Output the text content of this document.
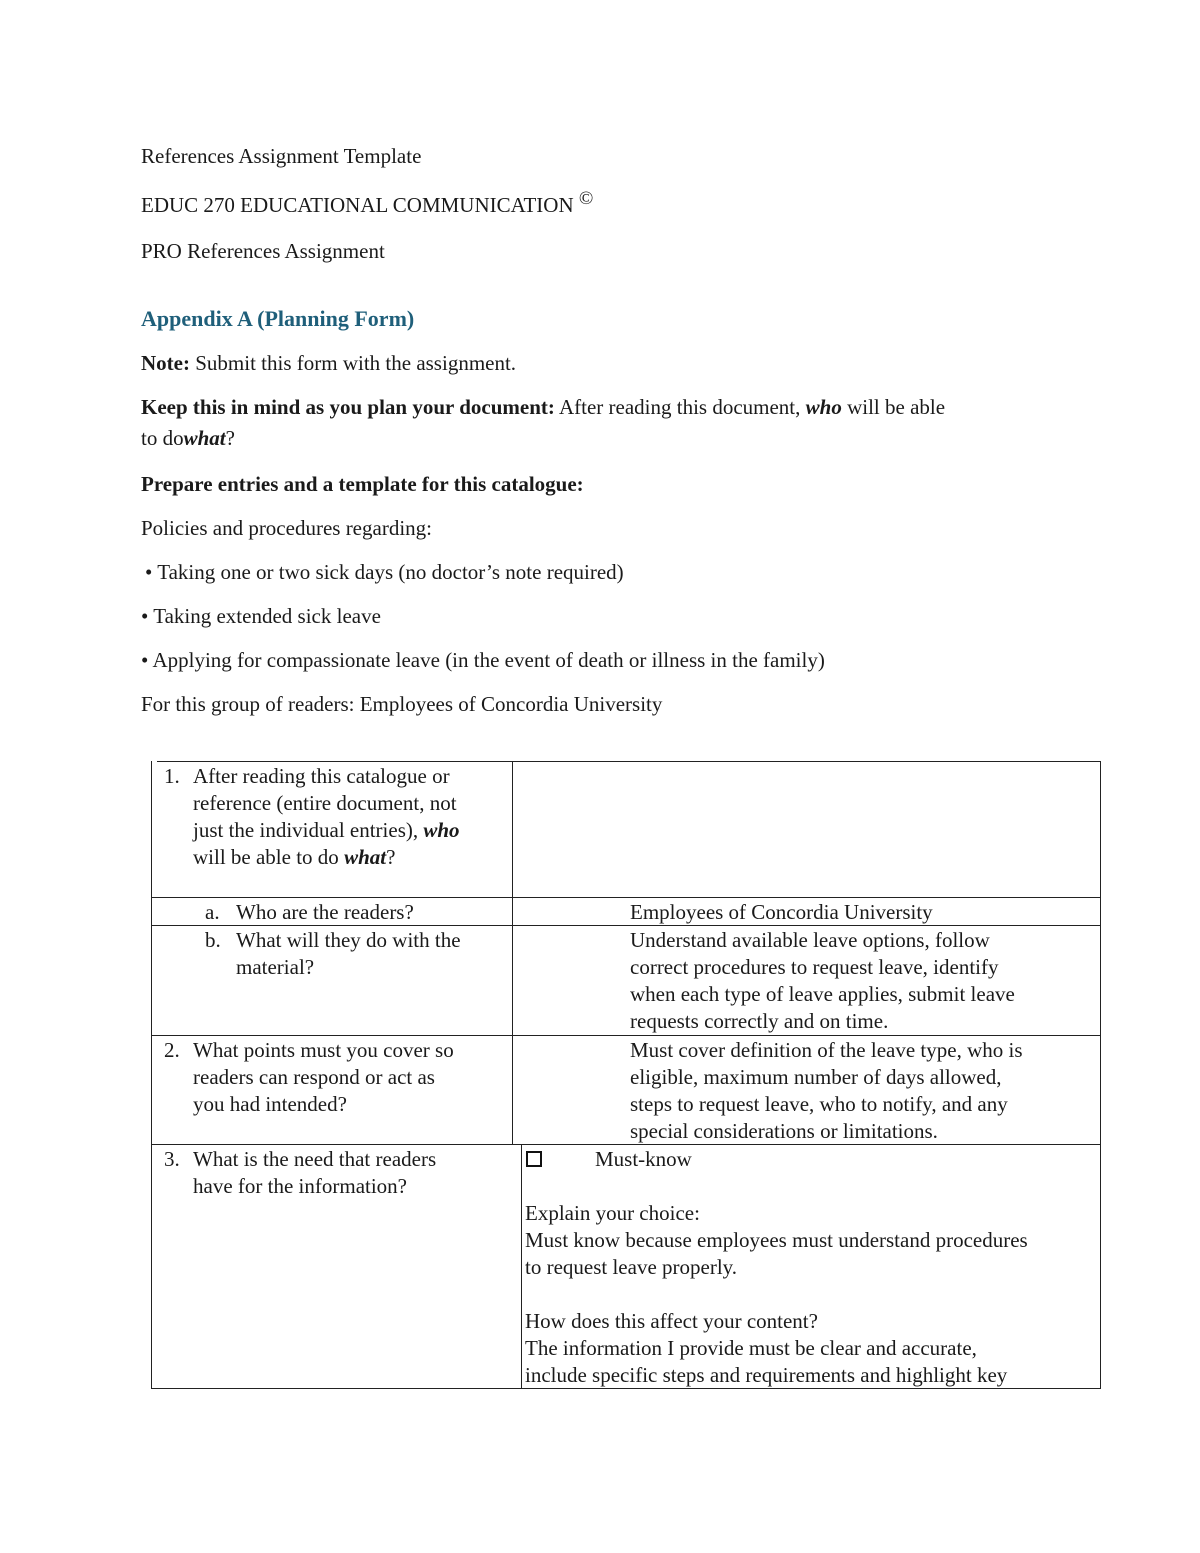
References Assignment Template
EDUC 270 EDUCATIONAL COMMUNICATION ©
PRO References Assignment
Appendix A (Planning Form)
Note: Submit this form with the assignment.
Keep this in mind as you plan your document: After reading this document, who will be able
to dowhat?
Prepare entries and a template for this catalogue:
Policies and procedures regarding:
• Taking one or two sick days (no doctor’s note required)
• Taking extended sick leave
• Applying for compassionate leave (in the event of death or illness in the family)
For this group of readers: Employees of Concordia University
1. After reading this catalogue or
reference (entire document, not
just the individual entries), who
will be able to do what?
a. Who are the readers?	Employees of Concordia University
b. What will they do with the
material?
Understand available leave options, follow
correct procedures to request leave, identify
when each type of leave applies, submit leave
requests correctly and on time.
2. What points must you cover so
readers can respond or act as
you had intended?
Must cover definition of the leave type, who is
eligible, maximum number of days allowed,
steps to request leave, who to notify, and any
special considerations or limitations.
3. What is the need that readers
have for the information?
Must-know
Explain your choice:
Must know because employees must understand procedures
to request leave properly.
How does this affect your content?
The information I provide must be clear and accurate,
include specific steps and requirements and highlight key
